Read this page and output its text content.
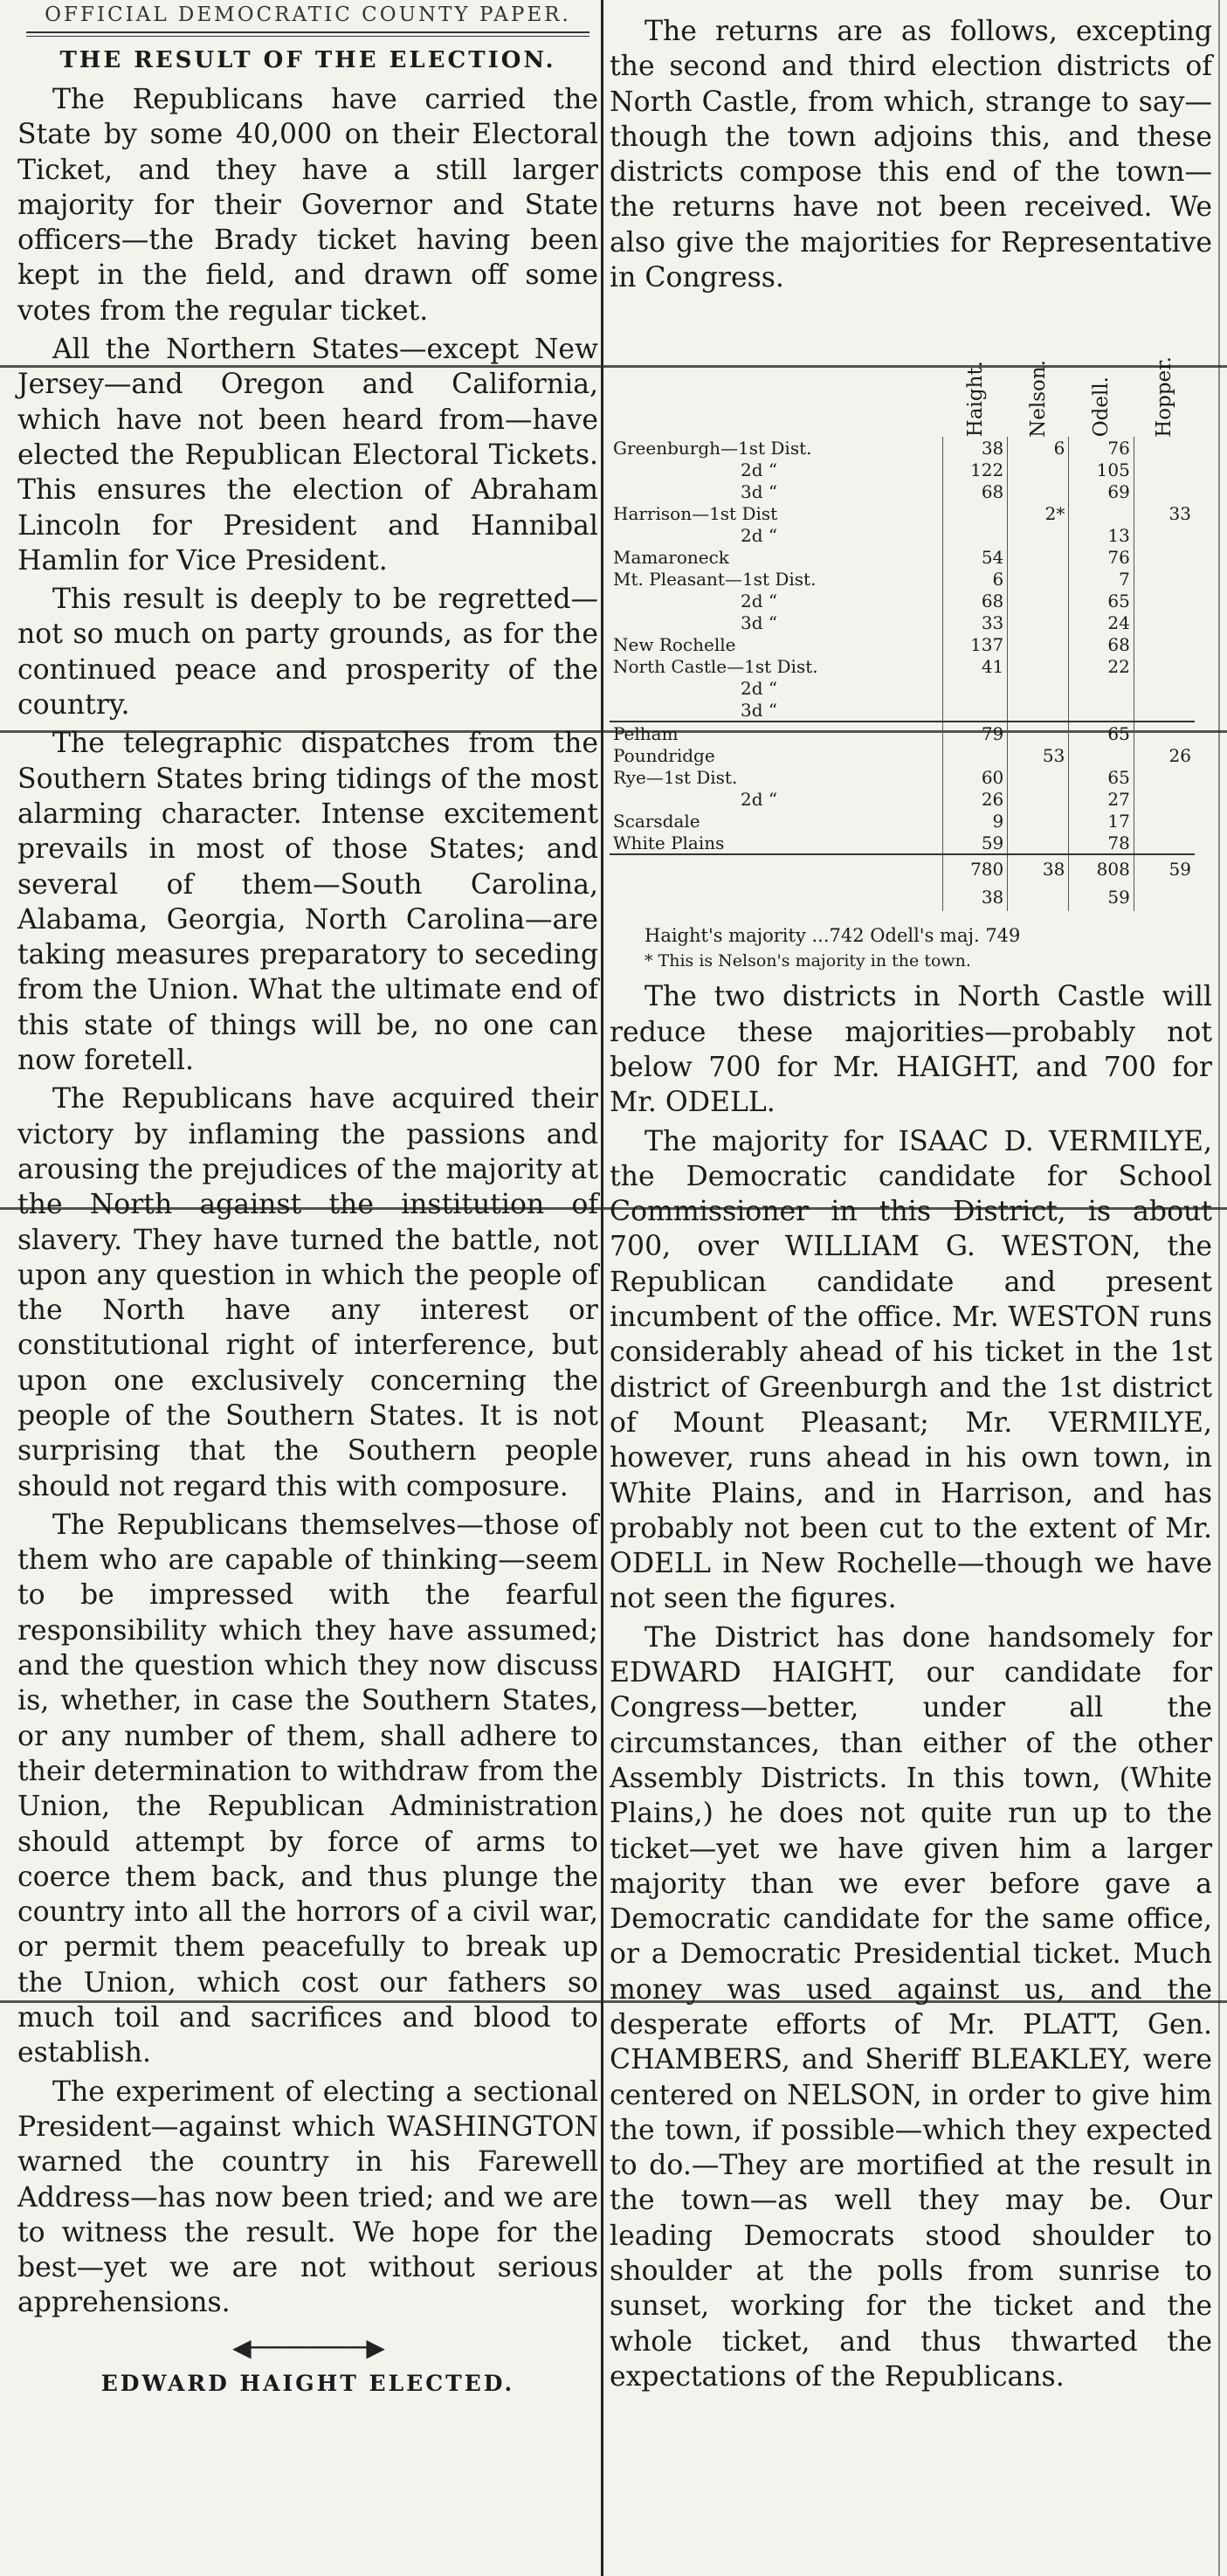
OFFICIAL DEMOCRATIC COUNTY PAPER.
THE RESULT OF THE ELECTION.

The Republicans have carried the State by some 40,000 on their Electoral Ticket, and they have a still larger majority for their Governor and State officers—the Brady ticket having been kept in the field, and drawn off some votes from the regular ticket.

All the Northern States—except New Jersey—and Oregon and California, which have not been heard from—have elected the Republican Electoral Tickets. This ensures the election of Abraham Lincoln for President and Hannibal Hamlin for Vice President.

This result is deeply to be regretted—not so much on party grounds, as for the continued peace and prosperity of the country.

The telegraphic dispatches from the Southern States bring tidings of the most alarming character. Intense excitement prevails in most of those States; and several of them—South Carolina, Alabama, Georgia, North Carolina—are taking measures preparatory to seceding from the Union. What the ultimate end of this state of things will be, no one can now foretell.

The Republicans have acquired their victory by inflaming the passions and arousing the prejudices of the majority at the North against the institution of slavery. They have turned the battle, not upon any question in which the people of the North have any interest or constitutional right of interference, but upon one exclusively concerning the people of the Southern States. It is not surprising that the Southern people should not regard this with composure.

The Republicans themselves—those of them who are capable of thinking—seem to be impressed with the fearful responsibility which they have assumed; and the question which they now discuss is, whether, in case the Southern States, or any number of them, shall adhere to their determination to withdraw from the Union, the Republican Administration should attempt by force of arms to coerce them back, and thus plunge the country into all the horrors of a civil war, or permit them peacefully to break up the Union, which cost our fathers so much toil and sacrifices and blood to establish.

The experiment of electing a sectional President—against which WASHINGTON warned the country in his Farewell Address—has now been tried; and we are to witness the result. We hope for the best—yet we are not without serious apprehensions.

◀─────────▶
EDWARD HAIGHT ELECTED.

The returns are as follows, excepting the second and third election districts of North Castle, from which, strange to say—though the town adjoins this, and these districts compose this end of the town—the returns have not been received. We also give the majorities for Representative in Congress.

	Haight.	Nelson.	Odell.	Hopper.

Greenburgh—1st Dist.	38	6	76	
2d “	122		105	
3d “	68		69	
Harrison—1st Dist		2*		33
2d “			13	
Mamaroneck	54		76	
Mt. Pleasant—1st Dist.	6		7	
2d “	68		65	
3d “	33		24	
New Rochelle	137		68	
North Castle—1st Dist.	41		22	
2d “				
3d “				
Pelham	79		65	
Poundridge		53		26
Rye—1st Dist.	60		65	
2d “	26		27	
Scarsdale	9		17	
White Plains	59		78	
	780	38	808	59
	38		59	
Haight's majority ...742 Odell's maj. 749
* This is Nelson's majority in the town.

The two districts in North Castle will reduce these majorities—probably not below 700 for Mr. HAIGHT, and 700 for Mr. ODELL.

The majority for ISAAC D. VERMILYE, the Democratic candidate for School Commissioner in this District, is about 700, over WILLIAM G. WESTON, the Republican candidate and present incumbent of the office. Mr. WESTON runs considerably ahead of his ticket in the 1st district of Greenburgh and the 1st district of Mount Pleasant; Mr. VERMILYE, however, runs ahead in his own town, in White Plains, and in Harrison, and has probably not been cut to the extent of Mr. ODELL in New Rochelle—though we have not seen the figures.

The District has done handsomely for EDWARD HAIGHT, our candidate for Congress—better, under all the circumstances, than either of the other Assembly Districts. In this town, (White Plains,) he does not quite run up to the ticket—yet we have given him a larger majority than we ever before gave a Democratic candidate for the same office, or a Democratic Presidential ticket. Much money was used against us, and the desperate efforts of Mr. PLATT, Gen. CHAMBERS, and Sheriff BLEAKLEY, were centered on NELSON, in order to give him the town, if possible—which they expected to do.—They are mortified at the result in the town—as well they may be. Our leading Democrats stood shoulder to shoulder at the polls from sunrise to sunset, working for the ticket and the whole ticket, and thus thwarted the expectations of the Republicans.
